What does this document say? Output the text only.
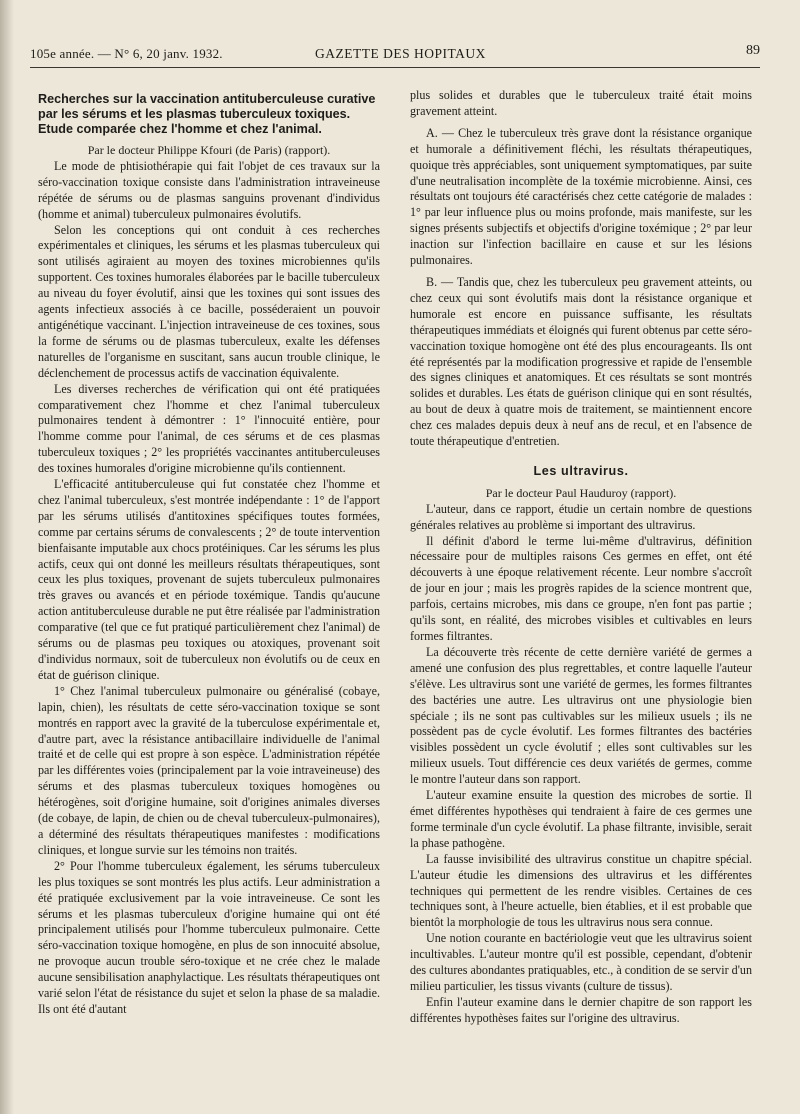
105e année. — N° 6, 20 janv. 1932.	GAZETTE DES HOPITAUX	89
Recherches sur la vaccination antituberculeuse curative par les sérums et les plasmas tuberculeux toxiques. Etude comparée chez l'homme et chez l'animal.

Par le docteur Philippe Kfouri (de Paris) (rapport).

Le mode de phtisiothérapie qui fait l'objet de ces travaux sur la séro-vaccination toxique consiste dans l'administration intraveineuse répétée de sérums ou de plasmas sanguins provenant d'individus (homme et animal) tuberculeux pulmonaires évolutifs.

Selon les conceptions qui ont conduit à ces recherches expérimentales et cliniques, les sérums et les plasmas tuberculeux qui sont utilisés agiraient au moyen des toxines microbiennes qu'ils supportent. Ces toxines humorales élaborées par le bacille tuberculeux au niveau du foyer évolutif, ainsi que les toxines qui sont issues des agents infectieux associés à ce bacille, posséderaient un pouvoir antigénétique vaccinant. L'injection intraveineuse de ces toxines, sous la forme de sérums ou de plasmas tuberculeux, exalte les défenses naturelles de l'organisme en suscitant, sans aucun trouble clinique, le déclenchement de processus actifs de vaccination équivalente.

Les diverses recherches de vérification qui ont été pratiquées comparativement chez l'homme et chez l'animal tuberculeux pulmonaires tendent à démontrer : 1° l'innocuité entière, pour l'homme comme pour l'animal, de ces sérums et de ces plasmas tuberculeux toxiques ; 2° les propriétés vaccinantes antituberculeuses des toxines humorales d'origine microbienne qu'ils contiennent.

L'efficacité antituberculeuse qui fut constatée chez l'homme et chez l'animal tuberculeux, s'est montrée indépendante : 1° de l'apport par les sérums utilisés d'antitoxines spécifiques toutes formées, comme par certains sérums de convalescents ; 2° de toute intervention bienfaisante imputable aux chocs protéiniques. Car les sérums les plus actifs, ceux qui ont donné les meilleurs résultats thérapeutiques, sont ceux les plus toxiques, provenant de sujets tuberculeux pulmonaires très graves ou avancés et en période toxémique. Tandis qu'aucune action antituberculeuse durable ne put être réalisée par l'administration comparative (tel que ce fut pratiqué particulièrement chez l'animal) de sérums ou de plasmas peu toxiques ou atoxiques, provenant soit d'individus normaux, soit de tuberculeux non évolutifs ou de ceux en état de guérison clinique.

1° Chez l'animal tuberculeux pulmonaire ou généralisé (cobaye, lapin, chien), les résultats de cette séro-vaccination toxique se sont montrés en rapport avec la gravité de la tuberculose expérimentale et, d'autre part, avec la résistance antibacillaire individuelle de l'animal traité et de celle qui est propre à son espèce. L'administration répétée par les différentes voies (principalement par la voie intraveineuse) des sérums et des plasmas tuberculeux toxiques homogènes ou hétérogènes, soit d'origine humaine, soit d'origines animales diverses (de cobaye, de lapin, de chien ou de cheval tuberculeux-pulmonaires), a déterminé des résultats thérapeutiques manifestes : modifications cliniques, et longue survie sur les témoins non traités.

2° Pour l'homme tuberculeux également, les sérums tuberculeux les plus toxiques se sont montrés les plus actifs. Leur administration a été pratiquée exclusivement par la voie intraveineuse. Ce sont les sérums et les plasmas tuberculeux d'origine humaine qui ont été principalement utilisés pour l'homme tuberculeux pulmonaire. Cette séro-vaccination toxique homogène, en plus de son innocuité absolue, ne provoque aucun trouble séro-toxique et ne crée chez le malade aucune sensibilisation anaphylactique. Les résultats thérapeutiques ont varié selon l'état de résistance du sujet et selon la phase de sa maladie. Ils ont été d'autant

plus solides et durables que le tuberculeux traité était moins gravement atteint.

A. — Chez le tuberculeux très grave dont la résistance organique et humorale a définitivement fléchi, les résultats thérapeutiques, quoique très appréciables, sont uniquement symptomatiques, par suite d'une neutralisation incomplète de la toxémie microbienne. Ainsi, ces résultats ont toujours été caractérisés chez cette catégorie de malades : 1° par leur influence plus ou moins profonde, mais manifeste, sur les signes présents subjectifs et objectifs d'origine toxémique ; 2° par leur inaction sur l'infection bacillaire en cause et sur les lésions pulmonaires.

B. — Tandis que, chez les tuberculeux peu gravement atteints, ou chez ceux qui sont évolutifs mais dont la résistance organique et humorale est encore en puissance suffisante, les résultats thérapeutiques immédiats et éloignés qui furent obtenus par cette séro-vaccination toxique homogène ont été des plus encourageants. Ils ont été représentés par la modification progressive et rapide de l'ensemble des signes cliniques et anatomiques. Et ces résultats se sont montrés solides et durables. Les états de guérison clinique qui en sont résultés, au bout de deux à quatre mois de traitement, se maintiennent encore chez ces malades depuis deux à neuf ans de recul, et en l'absence de toute thérapeutique d'entretien.

Les ultravirus.

Par le docteur Paul Hauduroy (rapport).

L'auteur, dans ce rapport, étudie un certain nombre de questions générales relatives au problème si important des ultravirus.

Il définit d'abord le terme lui-même d'ultravirus, définition nécessaire pour de multiples raisons Ces germes en effet, ont été découverts à une époque relativement récente. Leur nombre s'accroît de jour en jour ; mais les progrès rapides de la science montrent que, parfois, certains microbes, mis dans ce groupe, n'en font pas partie ; qu'ils sont, en réalité, des microbes visibles et cultivables en leurs formes filtrantes.

La découverte très récente de cette dernière variété de germes a amené une confusion des plus regrettables, et contre laquelle l'auteur s'élève. Les ultravirus sont une variété de germes, les formes filtrantes des bactéries une autre. Les ultravirus ont une physiologie bien spéciale ; ils ne sont pas cultivables sur les milieux usuels ; ils ne possèdent pas de cycle évolutif. Les formes filtrantes des bactéries visibles possèdent un cycle évolutif ; elles sont cultivables sur les milieux usuels. Tout différencie ces deux variétés de germes, comme le montre l'auteur dans son rapport.

L'auteur examine ensuite la question des microbes de sortie. Il émet différentes hypothèses qui tendraient à faire de ces germes une forme terminale d'un cycle évolutif. La phase filtrante, invisible, serait la phase pathogène.

La fausse invisibilité des ultravirus constitue un chapitre spécial. L'auteur étudie les dimensions des ultravirus et les différentes techniques qui permettent de les rendre visibles. Certaines de ces techniques sont, à l'heure actuelle, bien établies, et il est probable que bientôt la morphologie de tous les ultravirus nous sera connue.

Une notion courante en bactériologie veut que les ultravirus soient incultivables. L'auteur montre qu'il est possible, cependant, d'obtenir des cultures abondantes pratiquables, etc., à condition de se servir d'un milieu particulier, les tissus vivants (culture de tissus).

Enfin l'auteur examine dans le dernier chapitre de son rapport les différentes hypothèses faites sur l'origine des ultravirus.
